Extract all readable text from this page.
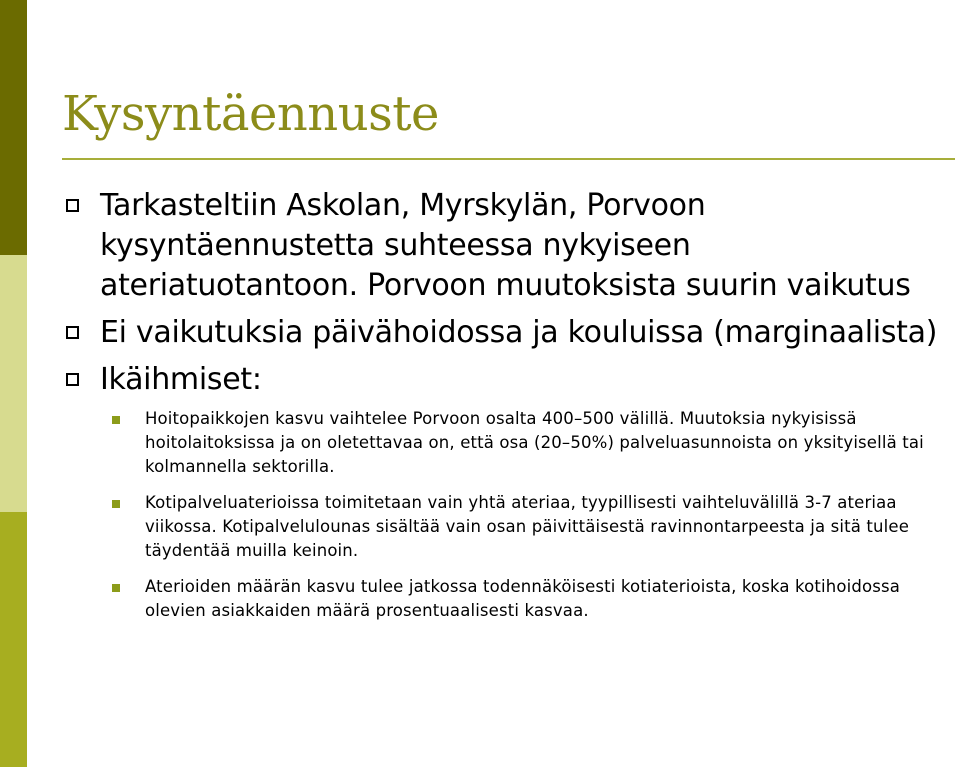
Kysyntäennuste
Tarkasteltiin Askolan, Myrskylän, Porvoon kysyntäennustetta suhteessa nykyiseen ateriatuotantoon. Porvoon muutoksista suurin vaikutus
Ei vaikutuksia päivähoidossa ja kouluissa (marginaalista)
Ikäihmiset:
Hoitopaikkojen kasvu vaihtelee Porvoon osalta 400–500 välillä. Muutoksia nykyisissä hoitolaitoksissa ja on oletettavaa on, että osa (20–50%) palveluasunnoista on yksityisellä tai kolmannella sektorilla.
Kotipalveluaterioissa toimitetaan vain yhtä ateriaa, tyypillisesti vaihteluvälillä 3-7 ateriaa viikossa. Kotipalvelulounas sisältää vain osan päivittäisestä ravinnontarpeesta ja sitä tulee täydentää muilla keinoin.
Aterioiden määrän kasvu tulee jatkossa todennäköisesti kotiaterioista, koska kotihoidossa olevien asiakkaiden määrä prosentuaalisesti kasvaa.
